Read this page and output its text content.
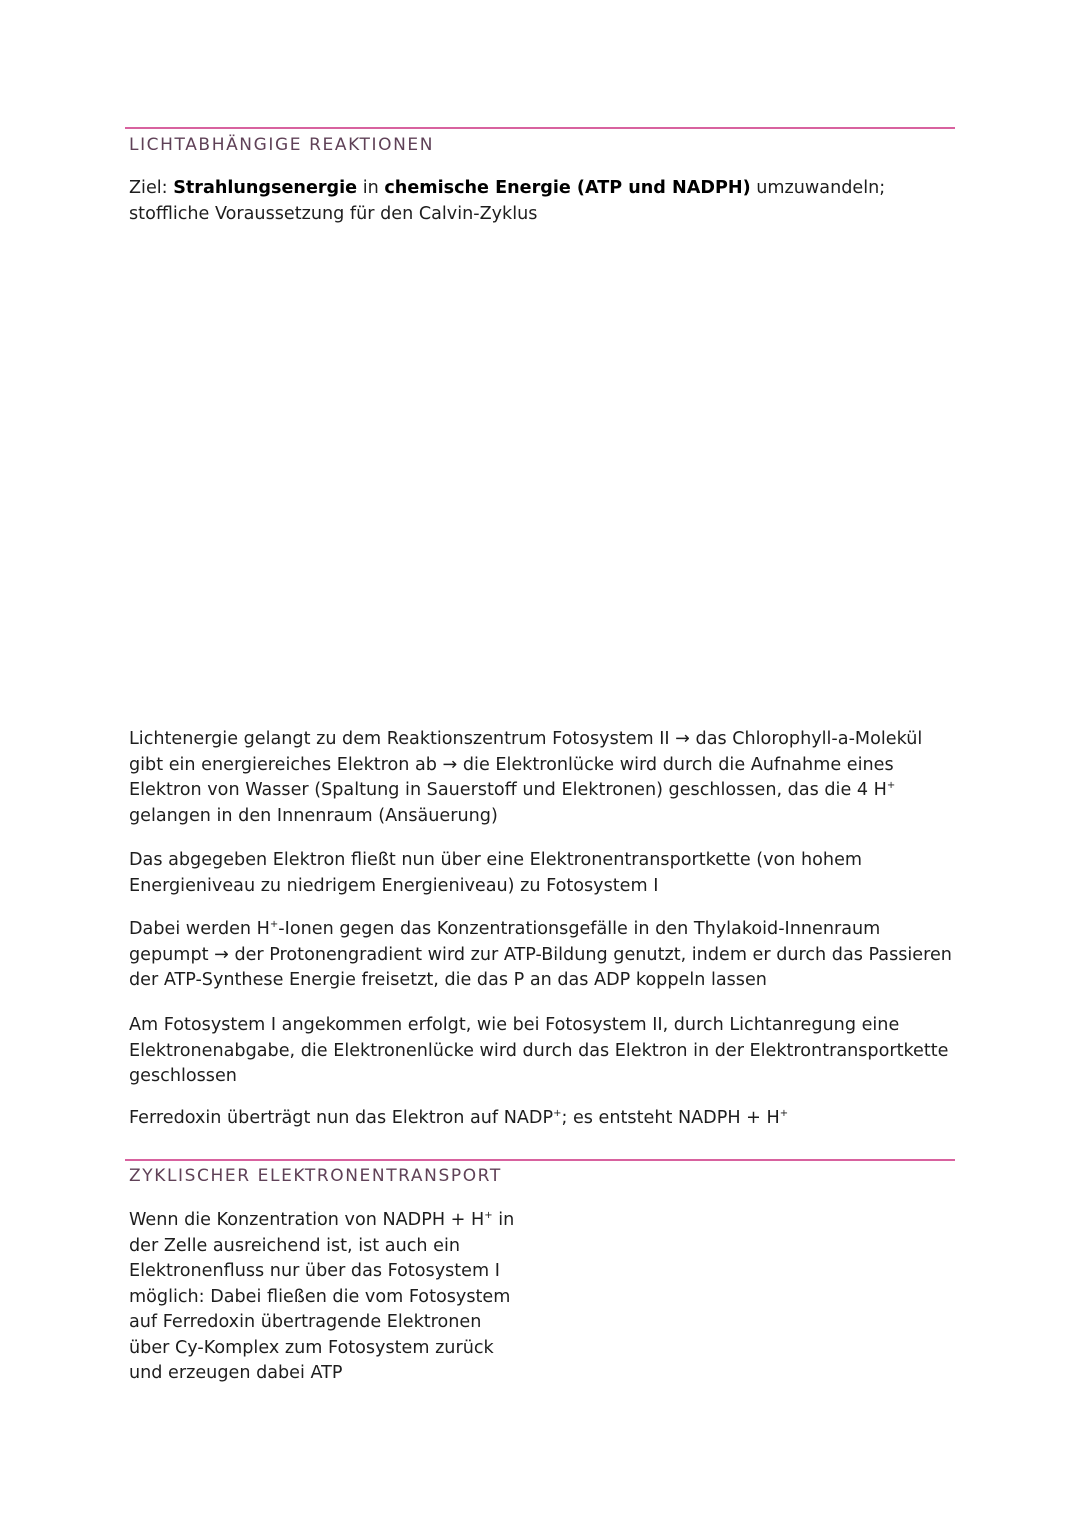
LICHTABHÄNGIGE REAKTIONEN
Ziel: Strahlungsenergie in chemische Energie (ATP und NADPH) umzuwandeln; stoffliche Voraussetzung für den Calvin-Zyklus
Lichtenergie gelangt zu dem Reaktionszentrum Fotosystem II → das Chlorophyll-a-Molekül gibt ein energiereiches Elektron ab → die Elektronlücke wird durch die Aufnahme eines Elektron von Wasser (Spaltung in Sauerstoff und Elektronen) geschlossen, das die 4 H+ gelangen in den Innenraum (Ansäuerung)
Das abgegeben Elektron fließt nun über eine Elektronentransportkette (von hohem Energieniveau zu niedrigem Energieniveau) zu Fotosystem I
Dabei werden H+-Ionen gegen das Konzentrationsgefälle in den Thylakoid-Innenraum gepumpt → der Protonengradient wird zur ATP-Bildung genutzt, indem er durch das Passieren der ATP-Synthese Energie freisetzt, die das P an das ADP koppeln lassen
Am Fotosystem I angekommen erfolgt, wie bei Fotosystem II, durch Lichtanregung eine Elektronenabgabe, die Elektronenlücke wird durch das Elektron in der Elektrontransportkette geschlossen
Ferredoxin überträgt nun das Elektron auf NADP+; es entsteht NADPH + H+
ZYKLISCHER ELEKTRONENTRANSPORT
Wenn die Konzentration von NADPH + H+ in der Zelle ausreichend ist, ist auch ein Elektronenfluss nur über das Fotosystem I möglich: Dabei fließen die vom Fotosystem auf Ferredoxin übertragende Elektronen über Cy-Komplex zum Fotosystem zurück und erzeugen dabei ATP
